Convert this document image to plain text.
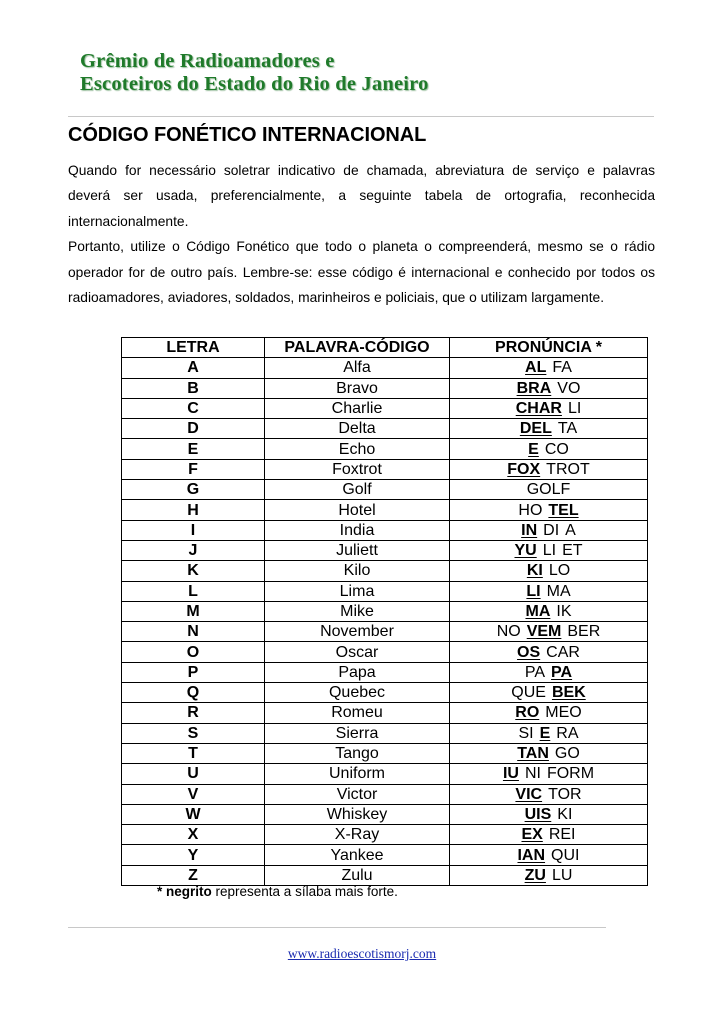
Grêmio de Radioamadores e
Escoteiros do Estado do Rio de Janeiro
CÓDIGO FONÉTICO INTERNACIONAL

Quando for necessário soletrar indicativo de chamada, abreviatura de serviço e palavras deverá ser usada, preferencialmente, a seguinte tabela de ortografia, reconhecida internacionalmente.

Portanto, utilize o Código Fonético que todo o planeta o compreenderá, mesmo se o rádio operador for de outro país. Lembre-se: esse código é internacional e conhecido por todos os radioamadores, aviadores, soldados, marinheiros e policiais, que o utilizam largamente.

LETRA	PALAVRA-CÓDIGO	PRONÚNCIA *
A	Alfa	AL FA
B	Bravo	BRA VO
C	Charlie	CHAR LI
D	Delta	DEL TA
E	Echo	E CO
F	Foxtrot	FOX TROT
G	Golf	GOLF
H	Hotel	HO TEL
I	India	IN DI A
J	Juliett	YU LI ET
K	Kilo	KI LO
L	Lima	LI MA
M	Mike	MA IK
N	November	NO VEM BER
O	Oscar	OS CAR
P	Papa	PA PA
Q	Quebec	QUE BEK
R	Romeu	RO MEO
S	Sierra	SI E RA
T	Tango	TAN GO
U	Uniform	IU NI FORM
V	Victor	VIC TOR
W	Whiskey	UIS KI
X	X-Ray	EX REI
Y	Yankee	IAN QUI
Z	Zulu	ZU LU
* negrito representa a sílaba mais forte.
www.radioescotismorj.com
